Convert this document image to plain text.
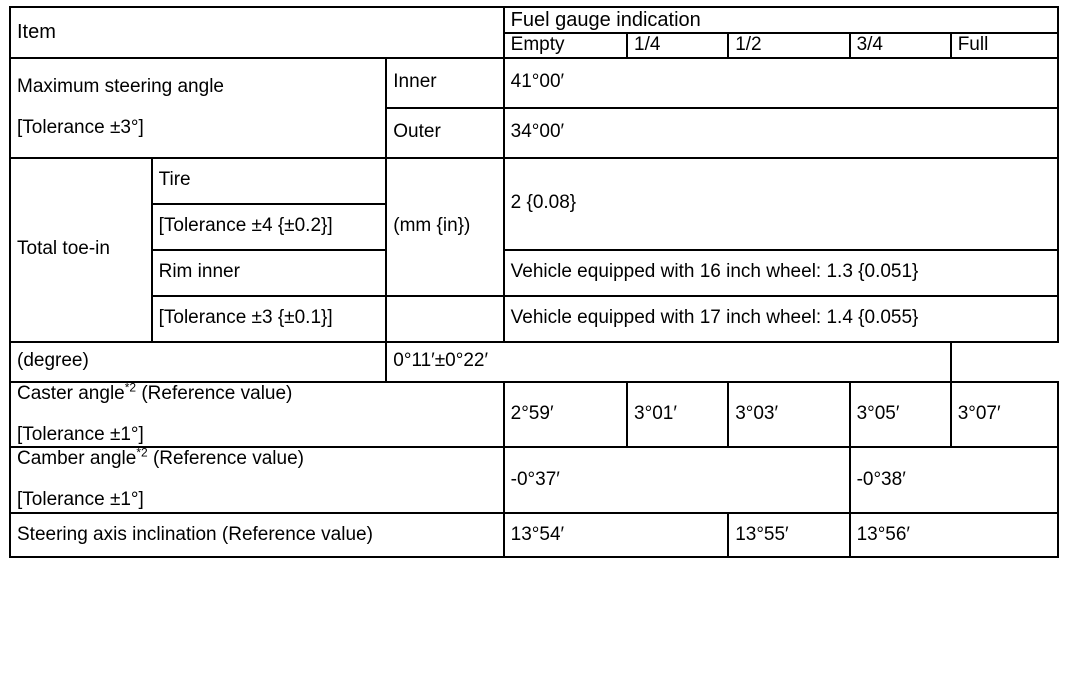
Item			Fuel gauge indication				
			Empty	1/4	1/2	3/4	Full

Maximum steering angle
[Tolerance ±3°]		Inner	41°00′				
		Outer	34°00′				
Total toe-in	Tire	(mm {in})	2 {0.08}				
	[Tolerance ±4 {±0.2}]						
	Rim inner		Vehicle equipped with 16 inch wheel: 1.3 {0.051}				
	[Tolerance ±3 {±0.1}]		Vehicle equipped with 17 inch wheel: 1.4 {0.055}				
(degree)		0°11′±0°22′					

Caster angle$^{*2}$ (Reference value)
[Tolerance ±1°]			2°59′	3°01′	3°03′	3°05′	3°07′

Camber angle$^{*2}$ (Reference value)
[Tolerance ±1°]			-0°37′			-0°38′	
Steering axis inclination (Reference value)			13°54′		13°55′	13°56′	
